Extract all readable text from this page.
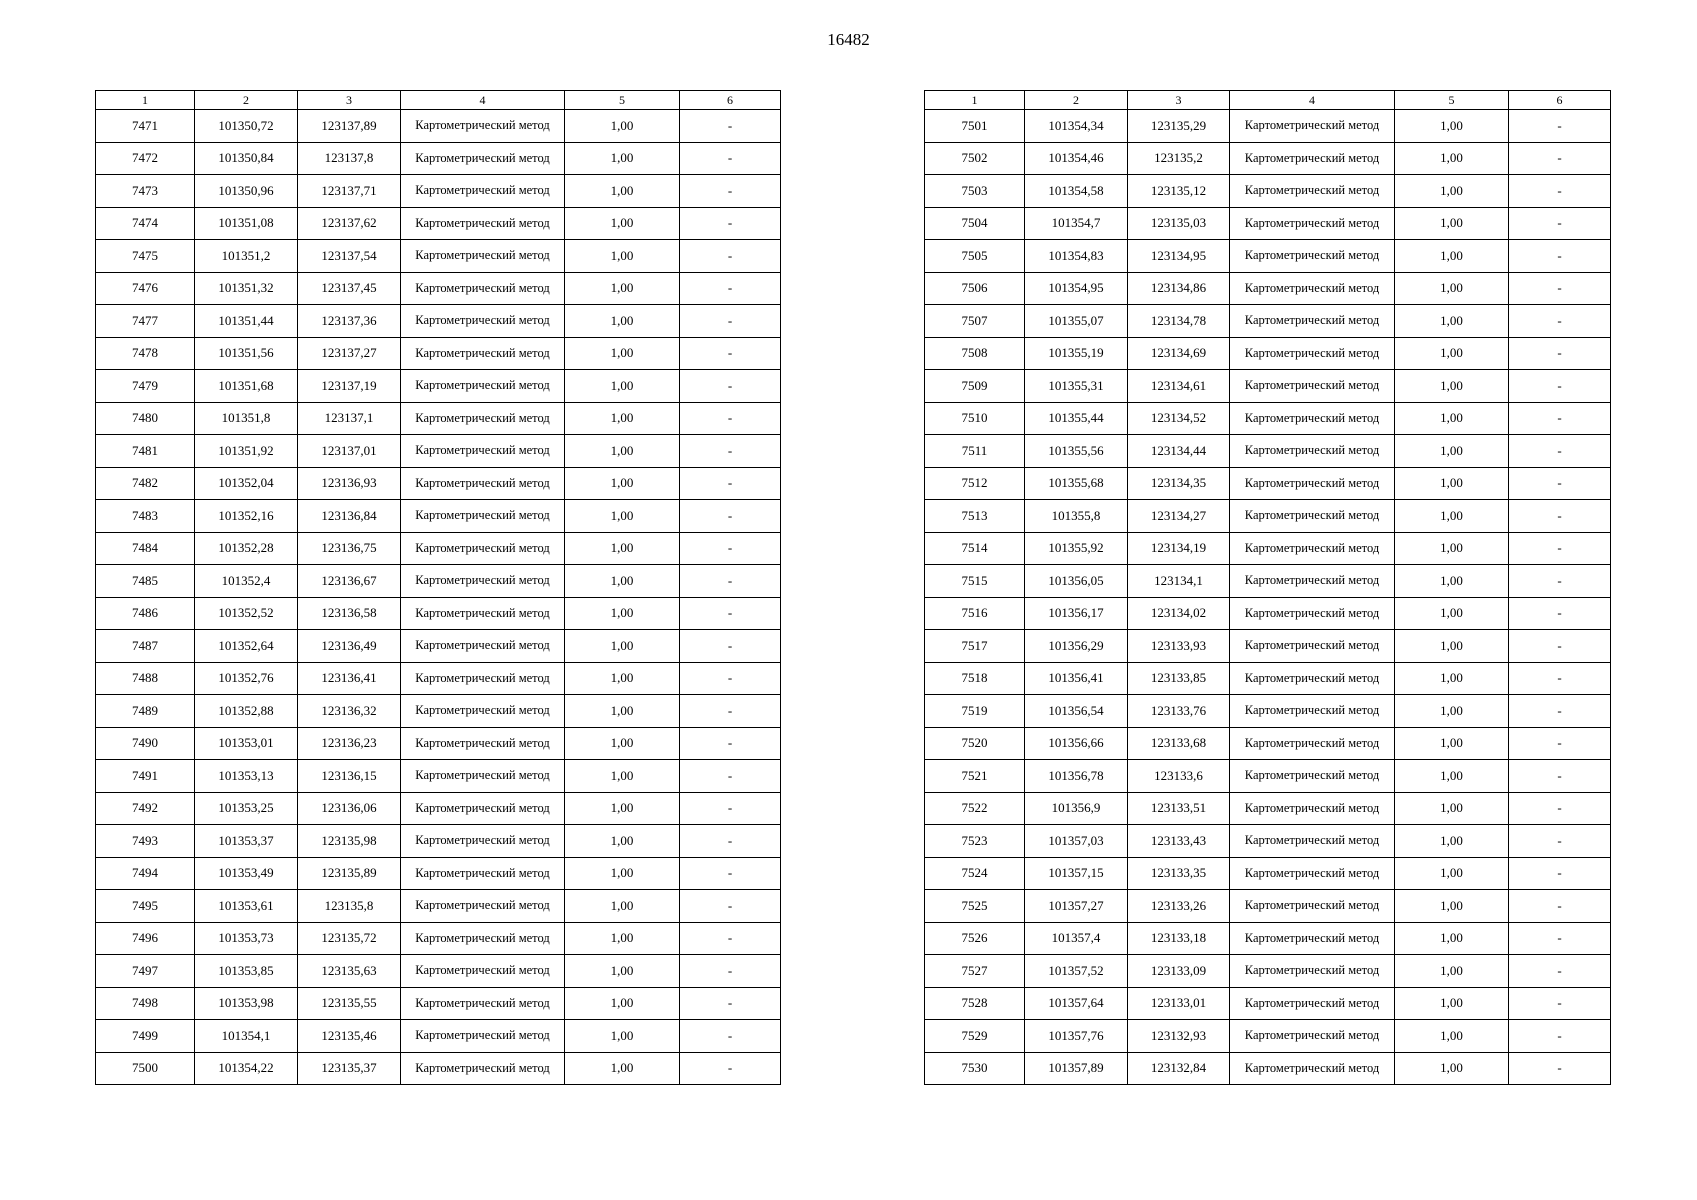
16482
1	2	3	4	5	6
7471	101350,72	123137,89	Картометрический метод	1,00	-
7472	101350,84	123137,8	Картометрический метод	1,00	-
7473	101350,96	123137,71	Картометрический метод	1,00	-
7474	101351,08	123137,62	Картометрический метод	1,00	-
7475	101351,2	123137,54	Картометрический метод	1,00	-
7476	101351,32	123137,45	Картометрический метод	1,00	-
7477	101351,44	123137,36	Картометрический метод	1,00	-
7478	101351,56	123137,27	Картометрический метод	1,00	-
7479	101351,68	123137,19	Картометрический метод	1,00	-
7480	101351,8	123137,1	Картометрический метод	1,00	-
7481	101351,92	123137,01	Картометрический метод	1,00	-
7482	101352,04	123136,93	Картометрический метод	1,00	-
7483	101352,16	123136,84	Картометрический метод	1,00	-
7484	101352,28	123136,75	Картометрический метод	1,00	-
7485	101352,4	123136,67	Картометрический метод	1,00	-
7486	101352,52	123136,58	Картометрический метод	1,00	-
7487	101352,64	123136,49	Картометрический метод	1,00	-
7488	101352,76	123136,41	Картометрический метод	1,00	-
7489	101352,88	123136,32	Картометрический метод	1,00	-
7490	101353,01	123136,23	Картометрический метод	1,00	-
7491	101353,13	123136,15	Картометрический метод	1,00	-
7492	101353,25	123136,06	Картометрический метод	1,00	-
7493	101353,37	123135,98	Картометрический метод	1,00	-
7494	101353,49	123135,89	Картометрический метод	1,00	-
7495	101353,61	123135,8	Картометрический метод	1,00	-
7496	101353,73	123135,72	Картометрический метод	1,00	-
7497	101353,85	123135,63	Картометрический метод	1,00	-
7498	101353,98	123135,55	Картометрический метод	1,00	-
7499	101354,1	123135,46	Картометрический метод	1,00	-
7500	101354,22	123135,37	Картометрический метод	1,00	-
1	2	3	4	5	6
7501	101354,34	123135,29	Картометрический метод	1,00	-
7502	101354,46	123135,2	Картометрический метод	1,00	-
7503	101354,58	123135,12	Картометрический метод	1,00	-
7504	101354,7	123135,03	Картометрический метод	1,00	-
7505	101354,83	123134,95	Картометрический метод	1,00	-
7506	101354,95	123134,86	Картометрический метод	1,00	-
7507	101355,07	123134,78	Картометрический метод	1,00	-
7508	101355,19	123134,69	Картометрический метод	1,00	-
7509	101355,31	123134,61	Картометрический метод	1,00	-
7510	101355,44	123134,52	Картометрический метод	1,00	-
7511	101355,56	123134,44	Картометрический метод	1,00	-
7512	101355,68	123134,35	Картометрический метод	1,00	-
7513	101355,8	123134,27	Картометрический метод	1,00	-
7514	101355,92	123134,19	Картометрический метод	1,00	-
7515	101356,05	123134,1	Картометрический метод	1,00	-
7516	101356,17	123134,02	Картометрический метод	1,00	-
7517	101356,29	123133,93	Картометрический метод	1,00	-
7518	101356,41	123133,85	Картометрический метод	1,00	-
7519	101356,54	123133,76	Картометрический метод	1,00	-
7520	101356,66	123133,68	Картометрический метод	1,00	-
7521	101356,78	123133,6	Картометрический метод	1,00	-
7522	101356,9	123133,51	Картометрический метод	1,00	-
7523	101357,03	123133,43	Картометрический метод	1,00	-
7524	101357,15	123133,35	Картометрический метод	1,00	-
7525	101357,27	123133,26	Картометрический метод	1,00	-
7526	101357,4	123133,18	Картометрический метод	1,00	-
7527	101357,52	123133,09	Картометрический метод	1,00	-
7528	101357,64	123133,01	Картометрический метод	1,00	-
7529	101357,76	123132,93	Картометрический метод	1,00	-
7530	101357,89	123132,84	Картометрический метод	1,00	-
